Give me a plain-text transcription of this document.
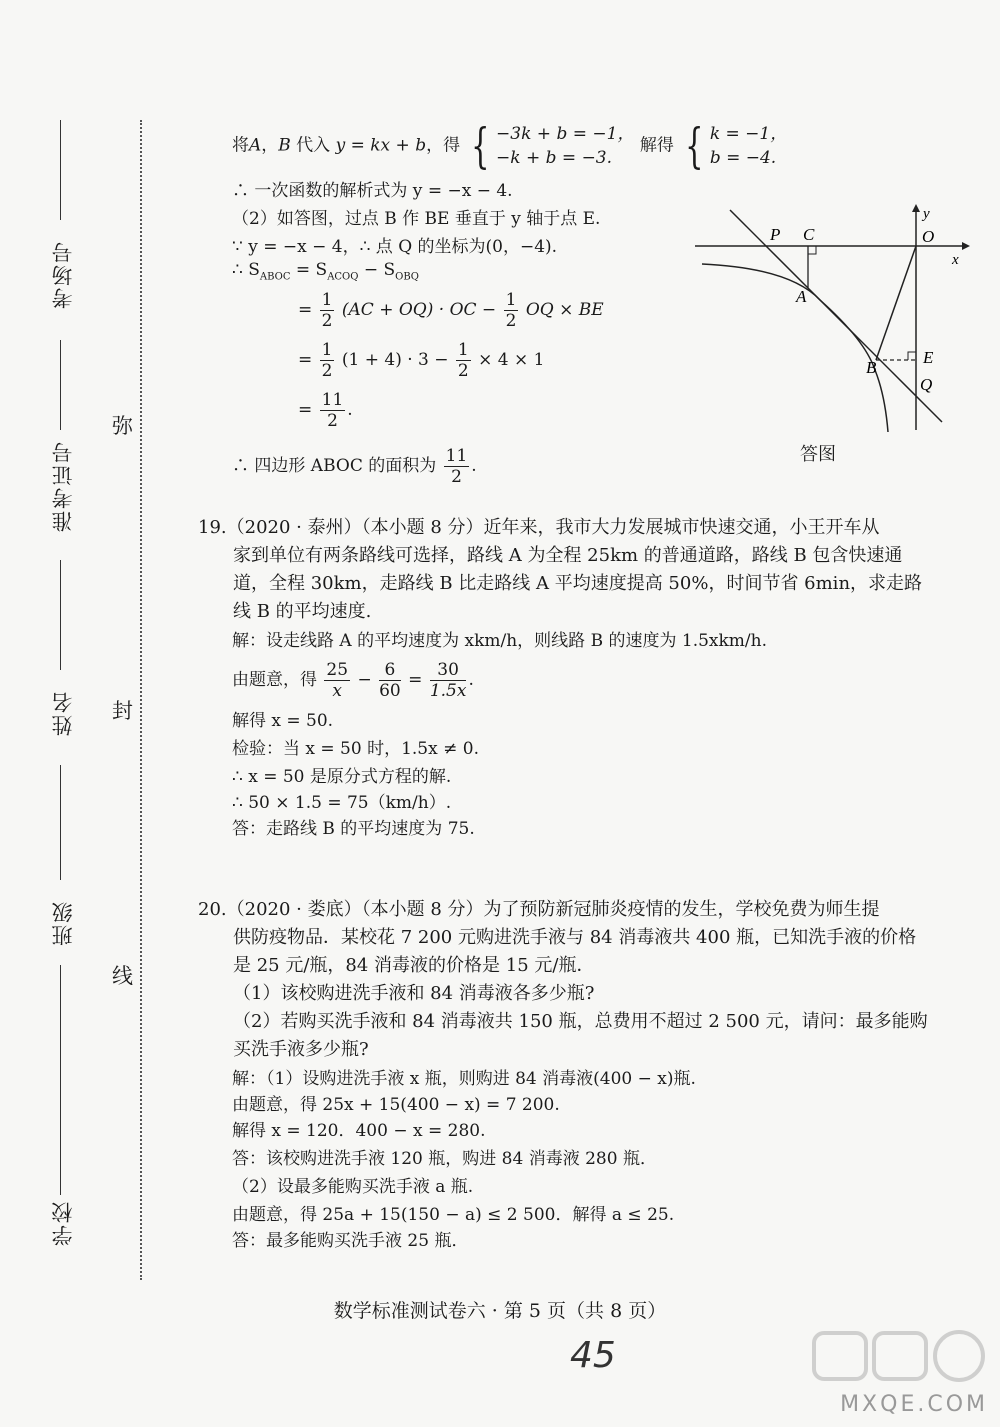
考场号
准考证号
姓名
班级
学校
弥
封
线
将A，B 代入 y = kx + b，得 { −3k + b = −1，
−k + b = −3.
解得 { k = −1，
b = −4.
∴ 一次函数的解析式为 y = −x − 4.
（2）如答图，过点 B 作 BE 垂直于 y 轴于点 E.
∵ y = −x − 4，∴ 点 Q 的坐标为(0，−4).
∴ $S_{ABOC} = S_{ACOQ} - S_{OBQ}$
= $\frac{1}{2} (AC + OQ)$ · OC − $\frac{1}{2}$ OQ × BE
= $\frac{1}{2} (1 + 4) \cdot 3 - \frac{1}{2} \times 4 \times 1$
= $\frac{11}{2}$ .
∴ 四边形 ABOC 的面积为 $\frac{11}{2}$ .
P C	O
x
y
A
B
E
Q
答图
19.（2020 · 泰州）（本小题 8 分）近年来，我市大力发展城市快速交通，小王开车从
家到单位有两条路线可选择，路线 A 为全程 25km 的普通道路，路线 B 包含快速通
道，全程 30km，走路线 B 比走路线 A 平均速度提高 50%，时间节省 6min，求走路
线 B 的平均速度.
解：设走线路 A 的平均速度为 xkm/h，则线路 B 的速度为 1.5xkm/h.
由题意，得 $\frac{25}{x} - \frac{6}{60} = \frac{30}{1.5x}$ .
解得 x = 50.
检验：当 x = 50 时，1.5x ≠ 0.
∴ x = 50 是原分式方程的解.
∴ 50 × 1.5 = 75（km/h）.
答：走路线 B 的平均速度为 75.
20.（2020 · 娄底）（本小题 8 分）为了预防新冠肺炎疫情的发生，学校免费为师生提
供防疫物品．某校花 7 200 元购进洗手液与 84 消毒液共 400 瓶，已知洗手液的价格
是 25 元/瓶，84 消毒液的价格是 15 元/瓶．
（1）该校购进洗手液和 84 消毒液各多少瓶?
（2）若购买洗手液和 84 消毒液共 150 瓶，总费用不超过 2 500 元，请问：最多能购
买洗手液多少瓶?
解：（1）设购进洗手液 x 瓶，则购进 84 消毒液(400 − x)瓶.
由题意，得 25x + 15(400 − x) = 7 200.
解得 x = 120．400 − x = 280.
答：该校购进洗手液 120 瓶，购进 84 消毒液 280 瓶．
（2）设最多能购买洗手液 a 瓶.
由题意，得 25a + 15(150 − a) ≤ 2 500．解得 a ≤ 25.
答：最多能购买洗手液 25 瓶．
数学标准测试卷六 · 第 5 页（共 8 页）
45
MXQE.COM
